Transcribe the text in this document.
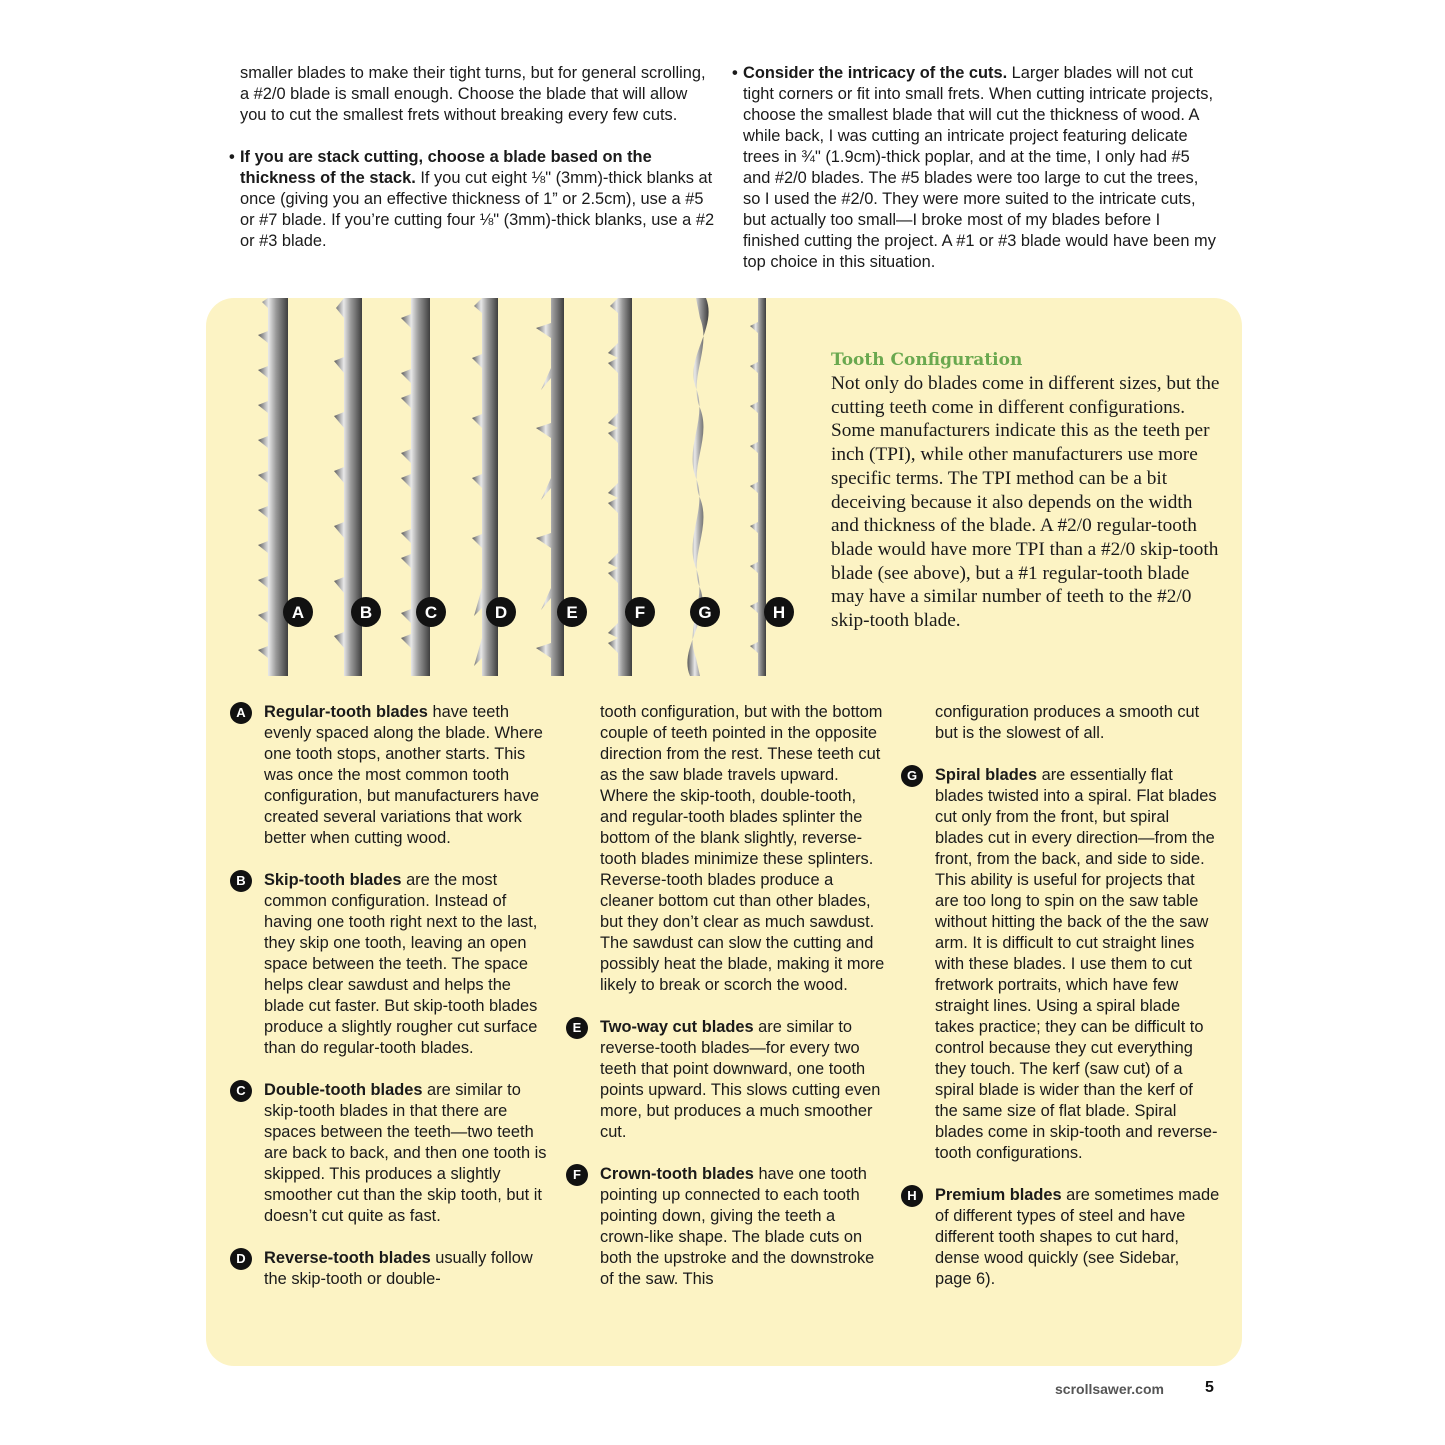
smaller blades to make their tight turns, but for general scrolling, a #2/0 blade is small enough. Choose the blade that will allow you to cut the smallest frets without breaking every few cuts.

• If you are stack cutting, choose a blade based on the thickness of the stack. If you cut eight ⅛" (3mm)-thick blanks at once (giving you an effective thickness of 1” or 2.5cm), use a #5 or #7 blade. If you’re cutting four ⅛" (3mm)-thick blanks, use a #2 or #3 blade.

• Consider the intricacy of the cuts. Larger blades will not cut tight corners or fit into small frets. When cutting intricate projects, choose the smallest blade that will cut the thickness of wood. A while back, I was cutting an intricate project featuring delicate trees in ¾" (1.9cm)-thick poplar, and at the time, I only had #5 and #2/0 blades. The #5 blades were too large to cut the trees, so I used the #2/0. They were more suited to the intricate cuts, but actually too small—I broke most of my blades before I finished cutting the project. A #1 or #3 blade would have been my top choice in this situation.

A	B	C	D	E	F	G	H

Tooth Configuration

Not only do blades come in different sizes, but the cutting teeth come in different configurations. Some manufacturers indicate this as the teeth per inch (TPI), while other manufacturers use more specific terms. The TPI method can be a bit deceiving because it also depends on the width and thickness of the blade. A #2/0 regular-tooth blade would have more TPI than a #2/0 skip-tooth blade (see above), but a #1 regular-tooth blade may have a similar number of teeth to the #2/0 skip-tooth blade.

A	Regular-tooth blades have teeth evenly spaced along the blade. Where one tooth stops, another starts. This was once the most common tooth configuration, but manufacturers have created several variations that work better when cutting wood.

B	Skip-tooth blades are the most common configuration. Instead of having one tooth right next to the last, they skip one tooth, leaving an open space between the teeth. The space helps clear sawdust and helps the blade cut faster. But skip-tooth blades produce a slightly rougher cut surface than do regular-tooth blades.

C	Double-tooth blades are similar to skip-tooth blades in that there are spaces between the teeth—two teeth are back to back, and then one tooth is skipped. This produces a slightly smoother cut than the skip tooth, but it doesn’t cut quite as fast.

D	Reverse-tooth blades usually follow the skip-tooth or double-

tooth configuration, but with the bottom couple of teeth pointed in the opposite direction from the rest. These teeth cut as the saw blade travels upward. Where the skip-tooth, double-tooth, and regular-tooth blades splinter the bottom of the blank slightly, reverse-tooth blades minimize these splinters. Reverse-tooth blades produce a cleaner bottom cut than other blades, but they don’t clear as much sawdust. The sawdust can slow the cutting and possibly heat the blade, making it more likely to break or scorch the wood.

E	Two-way cut blades are similar to reverse-tooth blades—for every two teeth that point downward, one tooth points upward. This slows cutting even more, but produces a much smoother cut.

F	Crown-tooth blades have one tooth pointing up connected to each tooth pointing down, giving the teeth a crown-like shape. The blade cuts on both the upstroke and the downstroke of the saw. This

configuration produces a smooth cut but is the slowest of all.

G	Spiral blades are essentially flat blades twisted into a spiral. Flat blades cut only from the front, but spiral blades cut in every direction—from the front, from the back, and side to side. This ability is useful for projects that are too long to spin on the saw table without hitting the back of the the saw arm. It is difficult to cut straight lines with these blades. I use them to cut fretwork portraits, which have few straight lines. Using a spiral blade takes practice; they can be difficult to control because they cut everything they touch. The kerf (saw cut) of a spiral blade is wider than the kerf of the same size of flat blade. Spiral blades come in skip-tooth and reverse-tooth configurations.

H	Premium blades are sometimes made of different types of steel and have different tooth shapes to cut hard, dense wood quickly (see Sidebar, page 6).

scrollsawer.com	5
